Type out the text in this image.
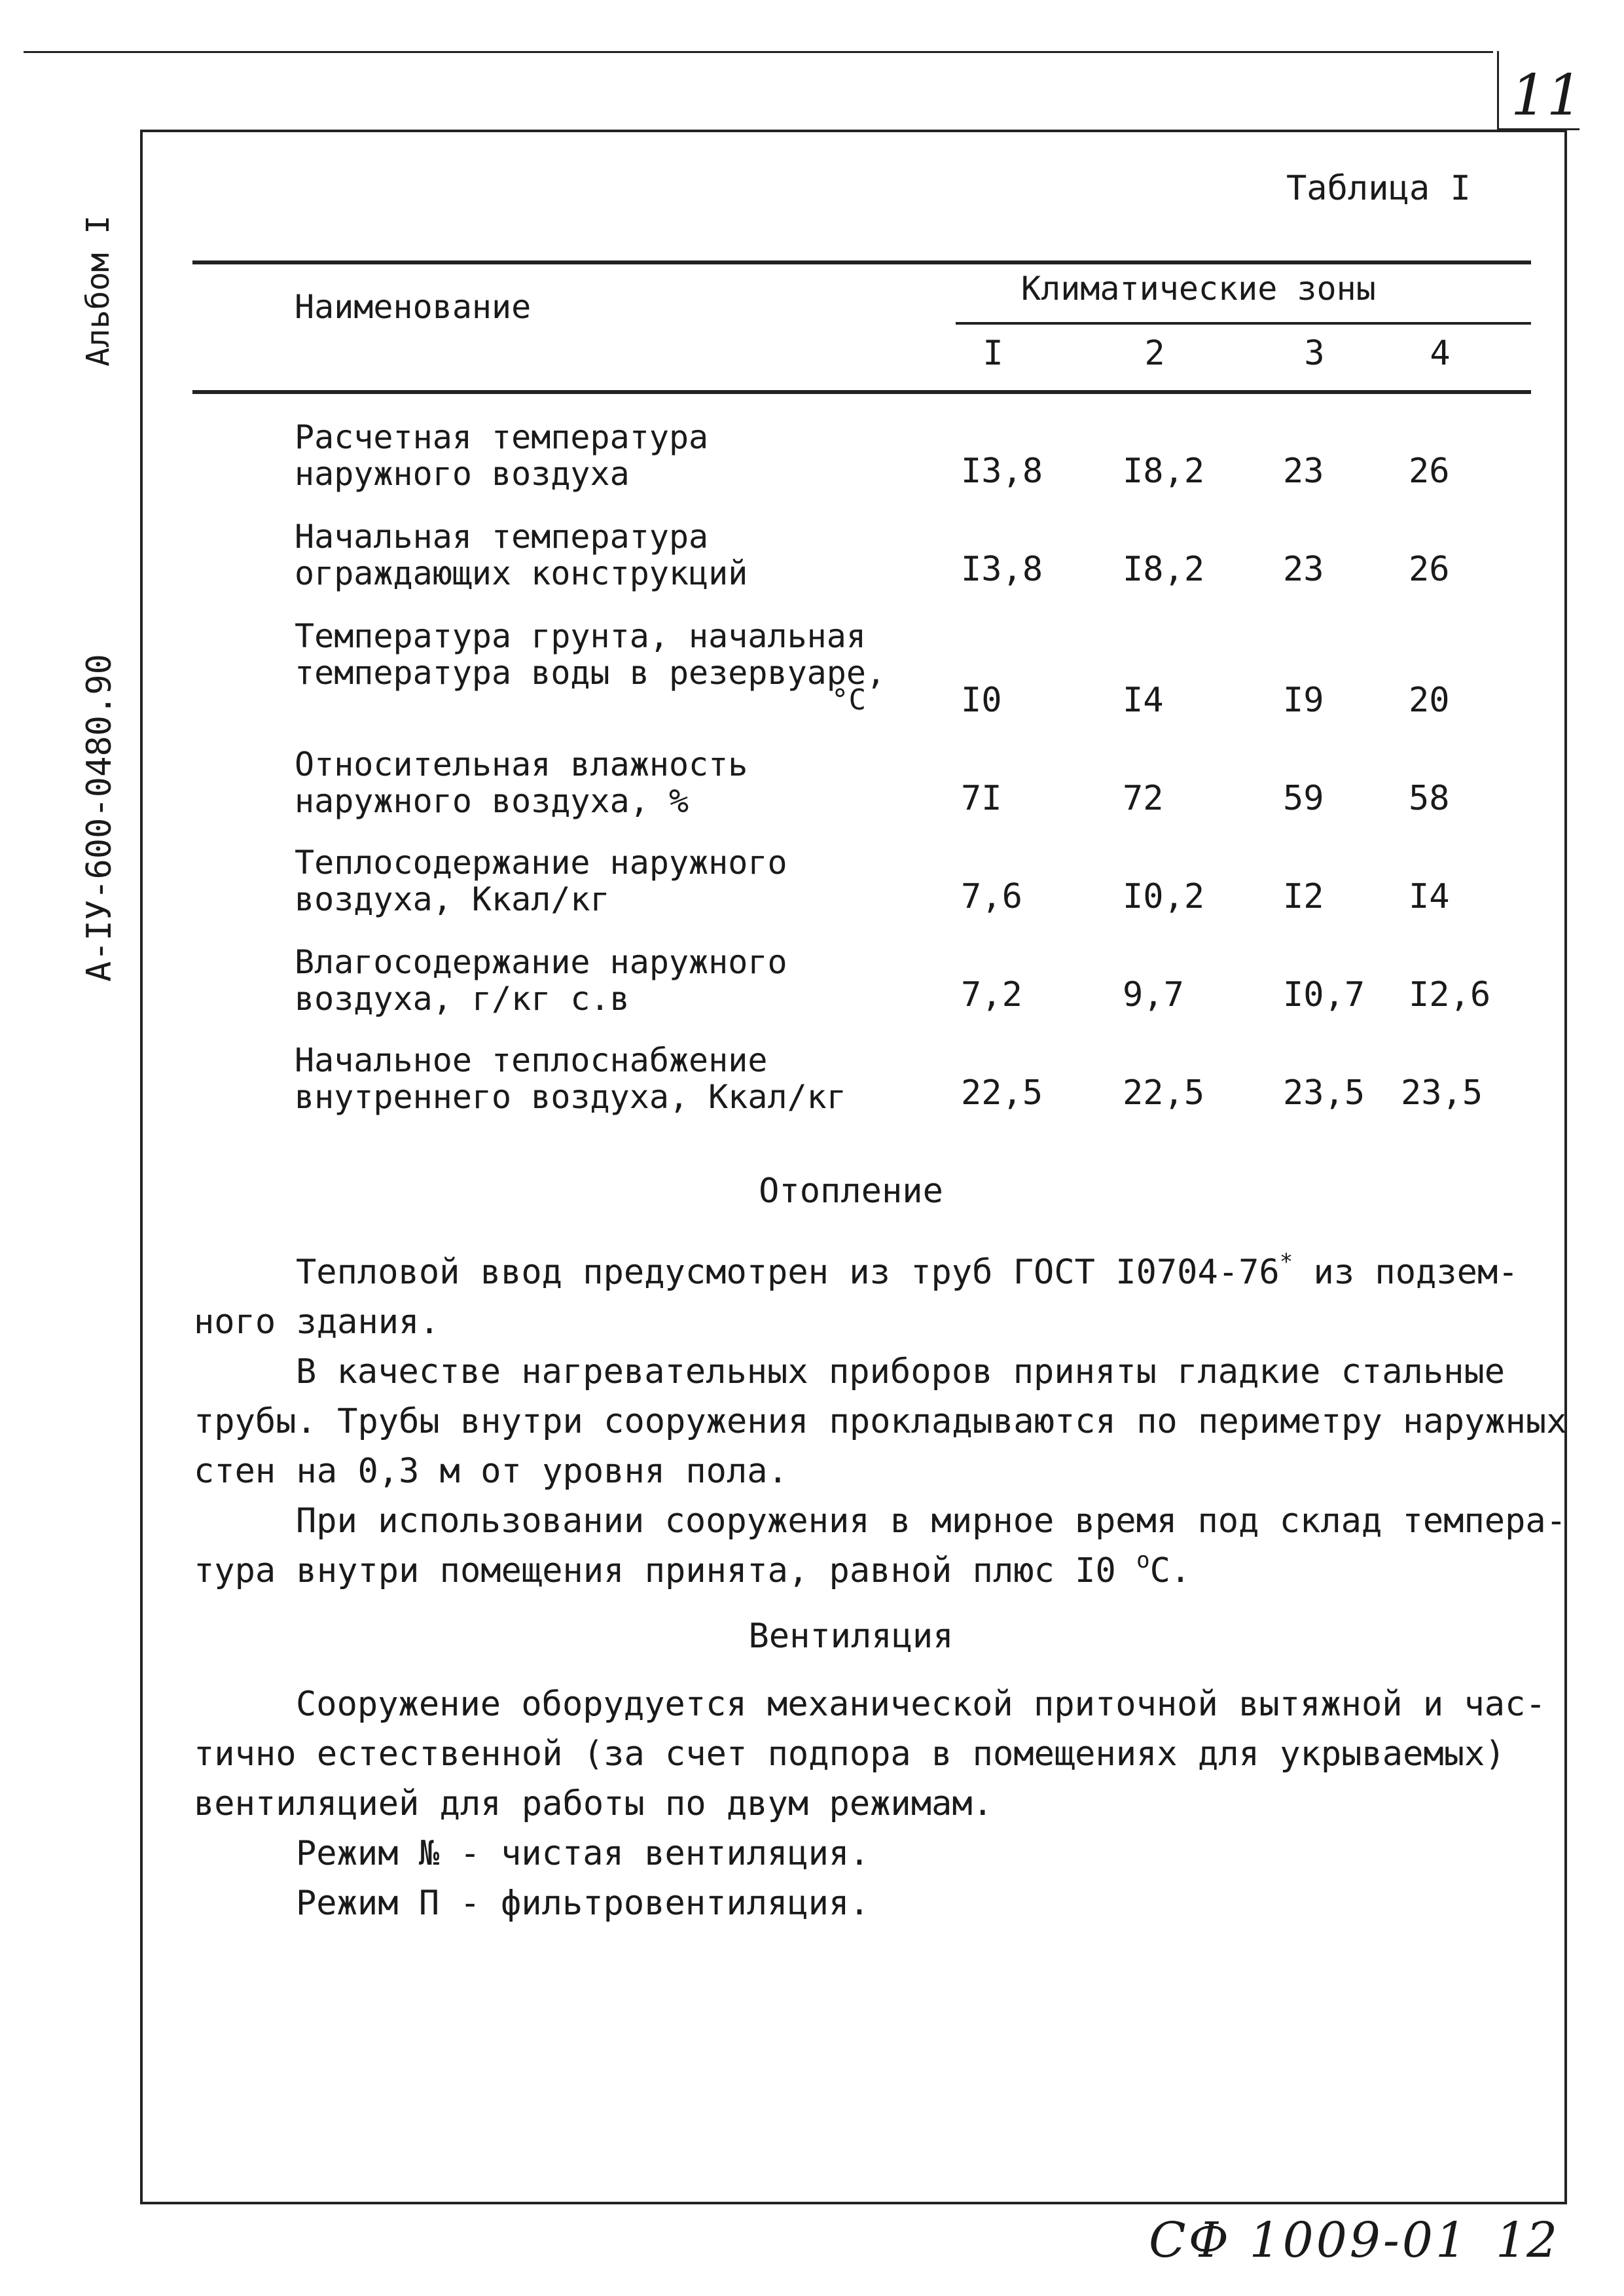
11
Альбом I
А-IУ-600-0480.90
Таблица I
Наименование	Климатические зоны
I	2	3	4
Расчетная температура
наружного воздуха	I3,8 I8,2 23 26
Начальная температура
ограждающих конструкций	I3,8 I8,2 23 26
Температура грунта, начальная
температура воды в резервуаре,
°C	I0	I4	I9 20
Относительная влажность
наружного воздуха, %	7I	72	59 58
Теплосодержание наружного
воздуха, Ккал/кг	7,6	I0,2 I2 I4
Влагосодержание наружного
воздуха, г/кг с.в	7,2	9,7	I0,7 I2,6
Начальное теплоснабжение
внутреннего воздуха, Ккал/кг	22,5 22,5 23,5 23,5
Отопление
Тепловой ввод предусмотрен из труб ГОСТ I0704-76* из подзем-
ного здания.
В качестве нагревательных приборов приняты гладкие стальные
трубы. Трубы внутри сооружения прокладываются по периметру наружных
стен на 0,3 м от уровня пола.
При использовании сооружения в мирное время под склад темпера-
тура внутри помещения принята, равной плюс I0 $^о$С.
Вентиляция
Сооружение оборудуется механической приточной вытяжной и час-
тично естественной (за счет подпора в помещениях для укрываемых)
вентиляцией для работы по двум режимам.
Режим № - чистая вентиляция.
Режим П - фильтровентиляция.
СФ 1009-01 12
